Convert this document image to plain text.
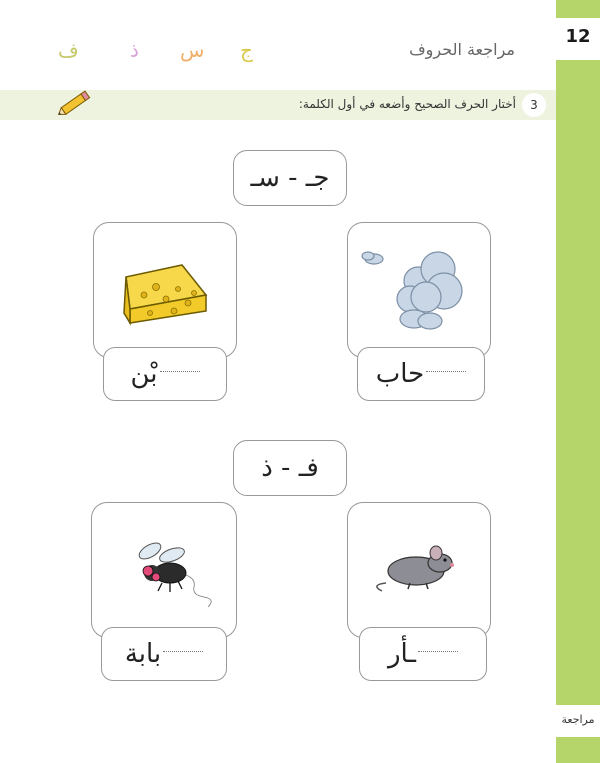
12
مراجعة
مراجعة الحروف
ج
س
ذ
ف
3
أختار الحرف الصحيح وأضعه في أول الكلمة:
جـ - سـ
حاب
بْن
فـ - ذ
ـأر
بابة
